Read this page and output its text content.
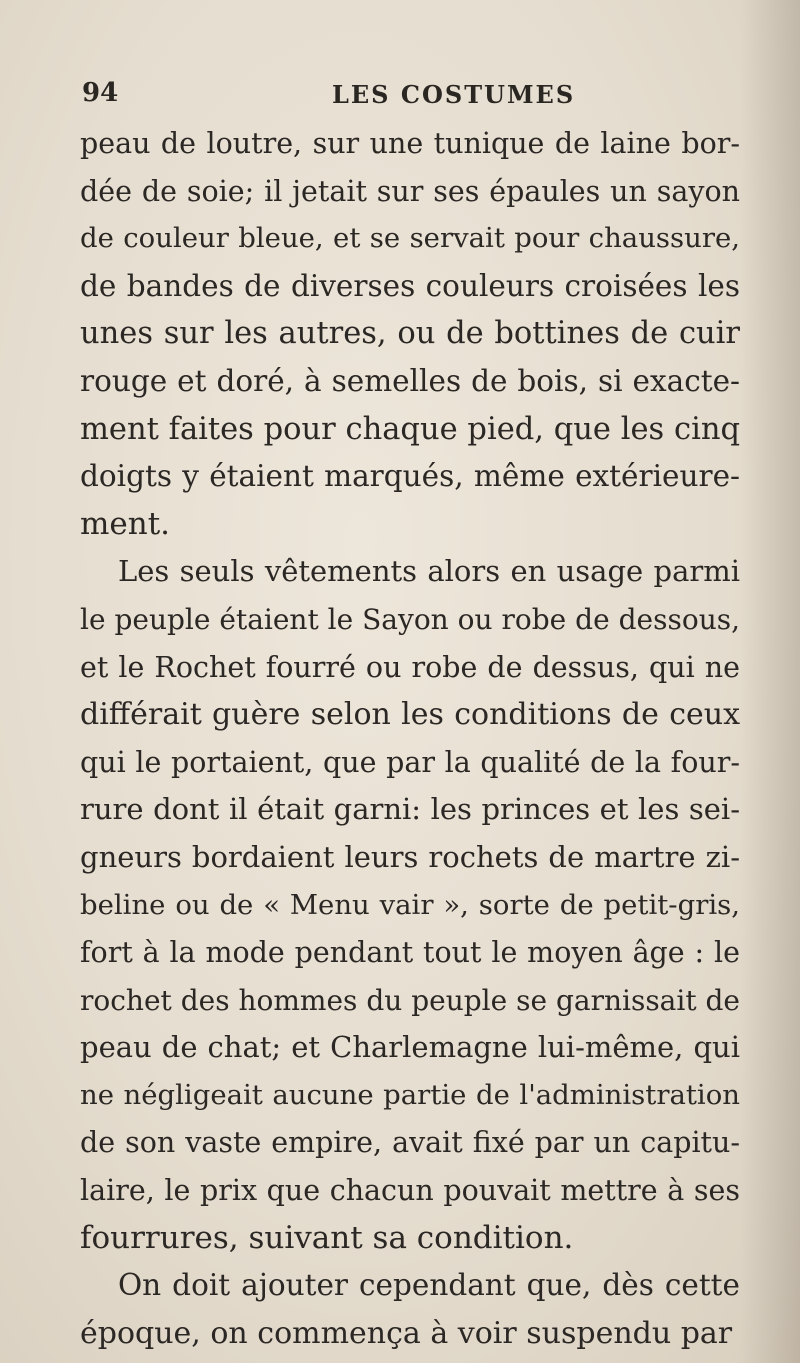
94	LES COSTUMES
peau de loutre, sur une tunique de laine bor-
dée de soie; il jetait sur ses épaules un sayon
de couleur bleue, et se servait pour chaussure,
de bandes de diverses couleurs croisées les
unes sur les autres, ou de bottines de cuir
rouge et doré, à semelles de bois, si exacte-
ment faites pour chaque pied, que les cinq
doigts y étaient marqués, même extérieure-
ment.
Les seuls vêtements alors en usage parmi
le peuple étaient le Sayon ou robe de dessous,
et le Rochet fourré ou robe de dessus, qui ne
différait guère selon les conditions de ceux
qui le portaient, que par la qualité de la four-
rure dont il était garni: les princes et les sei-
gneurs bordaient leurs rochets de martre zi-
beline ou de « Menu vair », sorte de petit-gris,
fort à la mode pendant tout le moyen âge : le
rochet des hommes du peuple se garnissait de
peau de chat; et Charlemagne lui-même, qui
ne négligeait aucune partie de l'administration
de son vaste empire, avait fixé par un capitu-
laire, le prix que chacun pouvait mettre à ses
fourrures, suivant sa condition.
On doit ajouter cependant que, dès cette
époque, on commença à voir suspendu par
